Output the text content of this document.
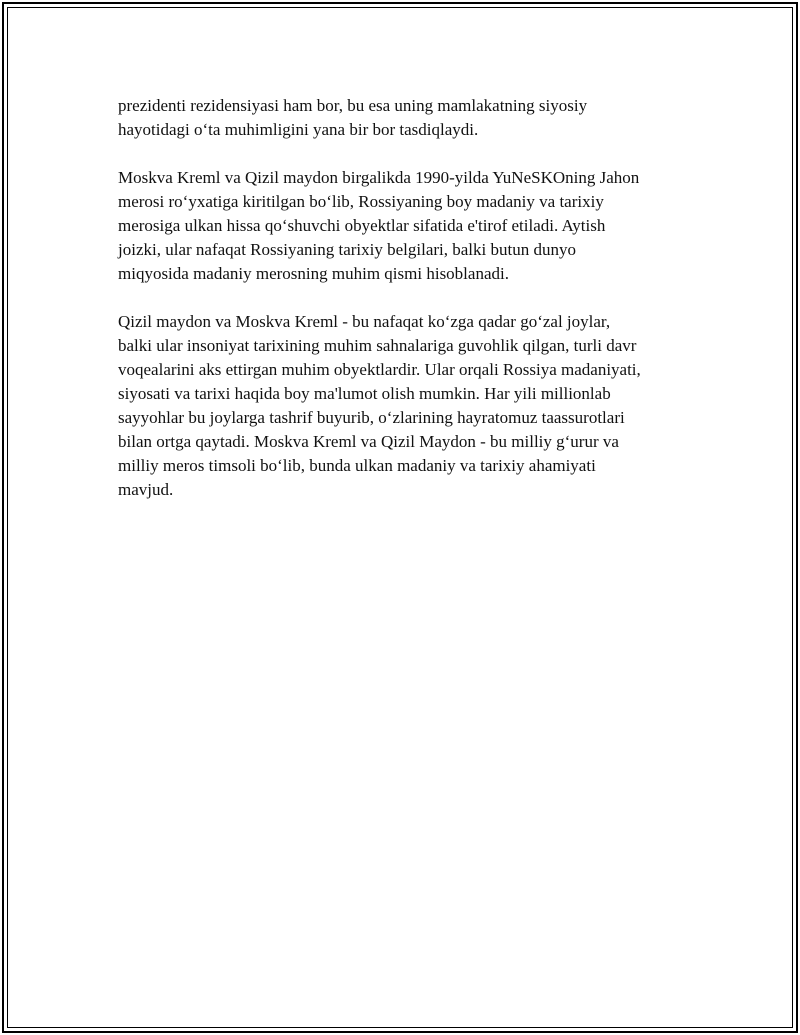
prezidenti rezidensiyasi ham bor, bu esa uning mamlakatning siyosiy
hayotidagi o‘ta muhimligini yana bir bor tasdiqlaydi.

Moskva Kreml va Qizil maydon birgalikda 1990-yilda YuNeSKOning Jahon
merosi ro‘yxatiga kiritilgan bo‘lib, Rossiyaning boy madaniy va tarixiy
merosiga ulkan hissa qo‘shuvchi obyektlar sifatida e'tirof etiladi. Aytish
joizki, ular nafaqat Rossiyaning tarixiy belgilari, balki butun dunyo
miqyosida madaniy merosning muhim qismi hisoblanadi.

Qizil maydon va Moskva Kreml - bu nafaqat ko‘zga qadar go‘zal joylar,
balki ular insoniyat tarixining muhim sahnalariga guvohlik qilgan, turli davr
voqealarini aks ettirgan muhim obyektlardir. Ular orqali Rossiya madaniyati,
siyosati va tarixi haqida boy ma'lumot olish mumkin. Har yili millionlab
sayyohlar bu joylarga tashrif buyurib, o‘zlarining hayratomuz taassurotlari
bilan ortga qaytadi. Moskva Kreml va Qizil Maydon - bu milliy g‘urur va
milliy meros timsoli bo‘lib, bunda ulkan madaniy va tarixiy ahamiyati
mavjud.
